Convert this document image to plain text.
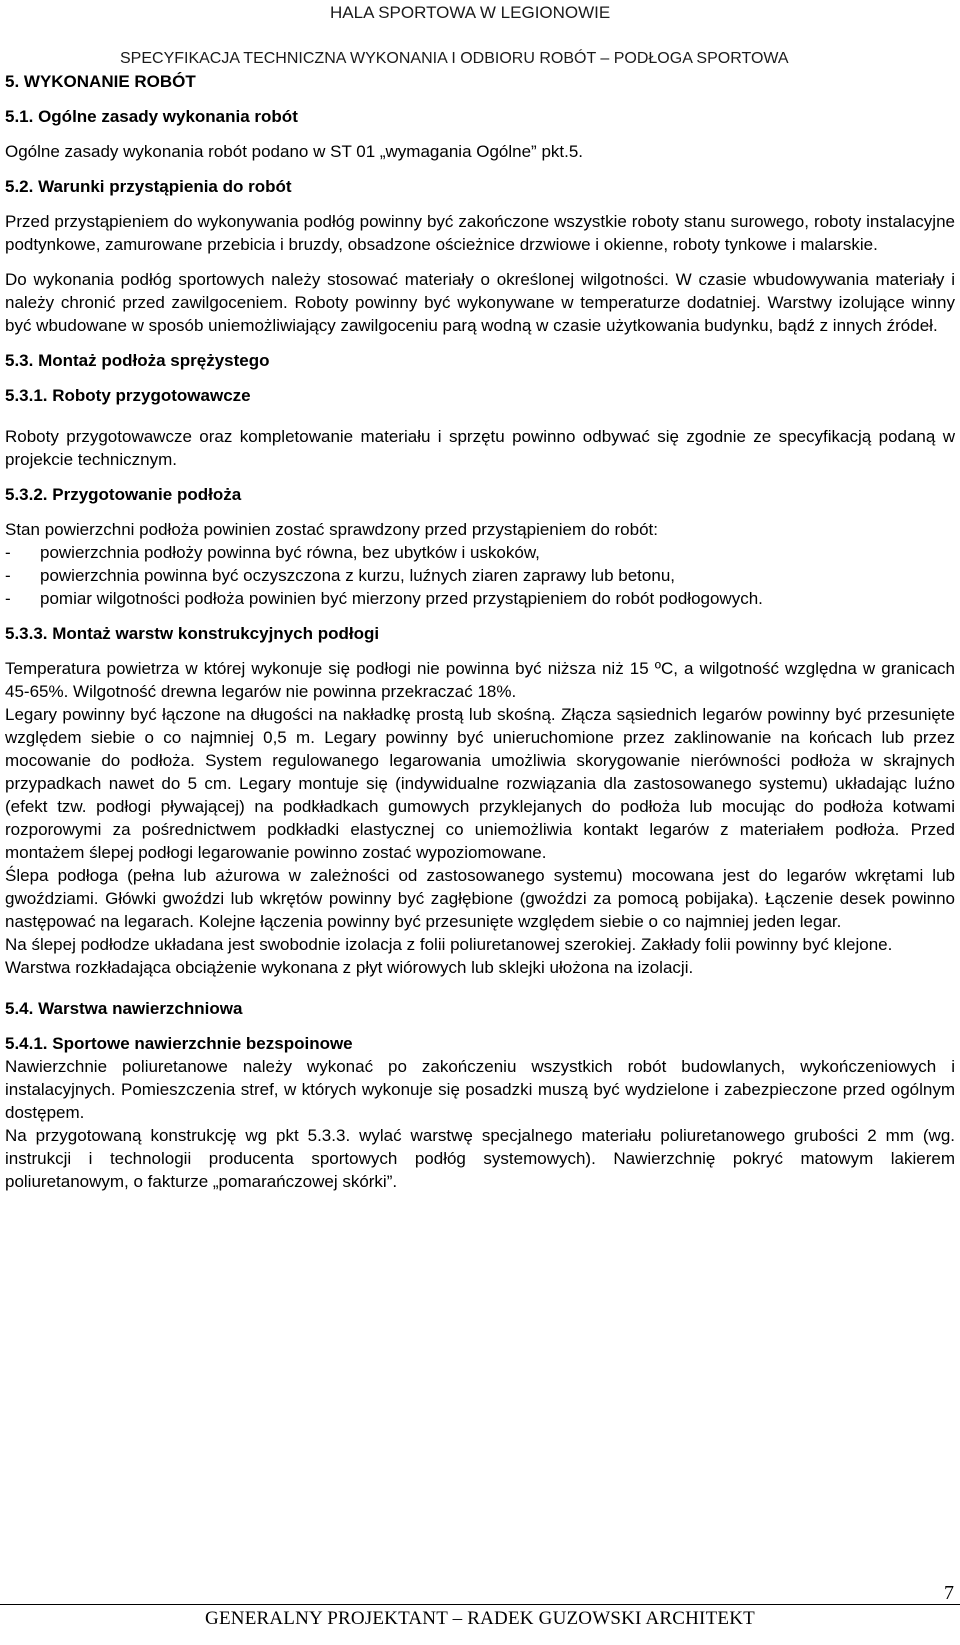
HALA SPORTOWA W LEGIONOWIE
SPECYFIKACJA TECHNICZNA WYKONANIA I ODBIORU ROBÓT – PODŁOGA SPORTOWA

5. WYKONANIE ROBÓT

5.1. Ogólne zasady wykonania robót

Ogólne zasady wykonania robót podano w ST 01 „wymagania Ogólne” pkt.5.

5.2. Warunki przystąpienia do robót

Przed przystąpieniem do wykonywania podłóg powinny być zakończone wszystkie roboty stanu surowego, roboty instalacyjne podtynkowe, zamurowane przebicia i bruzdy, obsadzone ościeżnice drzwiowe i okienne, roboty tynkowe i malarskie.

Do wykonania podłóg sportowych należy stosować materiały o określonej wilgotności. W czasie wbudowywania materiały i należy chronić przed zawilgoceniem. Roboty powinny być wykonywane w temperaturze dodatniej. Warstwy izolujące winny być wbudowane w sposób uniemożliwiający zawilgoceniu parą wodną w czasie użytkowania budynku, bądź z innych źródeł.

5.3. Montaż podłoża sprężystego

5.3.1. Roboty przygotowawcze

Roboty przygotowawcze oraz kompletowanie materiału i sprzętu powinno odbywać się zgodnie ze specyfikacją podaną w projekcie technicznym.

5.3.2. Przygotowanie podłoża

Stan powierzchni podłoża powinien zostać sprawdzony przed przystąpieniem do robót:

-	powierzchnia podłoży powinna być równa, bez ubytków i uskoków,
-	powierzchnia powinna być oczyszczona z kurzu, luźnych ziaren zaprawy lub betonu,
-	pomiar wilgotności podłoża powinien być mierzony przed przystąpieniem do robót podłogowych.

5.3.3. Montaż warstw konstrukcyjnych podłogi

Temperatura powietrza w której wykonuje się podłogi nie powinna być niższa niż 15 ºC, a wilgotność względna w granicach 45-65%. Wilgotność drewna legarów nie powinna przekraczać 18%.

Legary powinny być łączone na długości na nakładkę prostą lub skośną. Złącza sąsiednich legarów powinny być przesunięte względem siebie o co najmniej 0,5 m. Legary powinny być unieruchomione przez zaklinowanie na końcach lub przez mocowanie do podłoża. System regulowanego legarowania umożliwia skorygowanie nierówności podłoża w skrajnych przypadkach nawet do 5 cm. Legary montuje się (indywidualne rozwiązania dla zastosowanego systemu) układając luźno (efekt tzw. podłogi pływającej) na podkładkach gumowych przyklejanych do podłoża lub mocując do podłoża kotwami rozporowymi za pośrednictwem podkładki elastycznej co uniemożliwia kontakt legarów z materiałem podłoża. Przed montażem ślepej podłogi legarowanie powinno zostać wypoziomowane.

Ślepa podłoga (pełna lub ażurowa w zależności od zastosowanego systemu) mocowana jest do legarów wkrętami lub gwoździami. Główki gwoździ lub wkrętów powinny być zagłębione (gwoździ za pomocą pobijaka). Łączenie desek powinno następować na legarach. Kolejne łączenia powinny być przesunięte względem siebie o co najmniej jeden legar.

Na ślepej podłodze układana jest swobodnie izolacja z folii poliuretanowej szerokiej. Zakłady folii powinny być klejone.

Warstwa rozkładająca obciążenie wykonana z płyt wiórowych lub sklejki ułożona na izolacji.

5.4. Warstwa nawierzchniowa

5.4.1. Sportowe nawierzchnie bezspoinowe

Nawierzchnie poliuretanowe należy wykonać po zakończeniu wszystkich robót budowlanych, wykończeniowych i instalacyjnych. Pomieszczenia stref, w których wykonuje się posadzki muszą być wydzielone i zabezpieczone przed ogólnym dostępem.

Na przygotowaną konstrukcję wg pkt 5.3.3. wylać warstwę specjalnego materiału poliuretanowego grubości 2 mm (wg. instrukcji i technologii producenta sportowych podłóg systemowych). Nawierzchnię pokryć matowym lakierem poliuretanowym, o fakturze „pomarańczowej skórki”.

7
GENERALNY PROJEKTANT – RADEK GUZOWSKI ARCHITEKT
